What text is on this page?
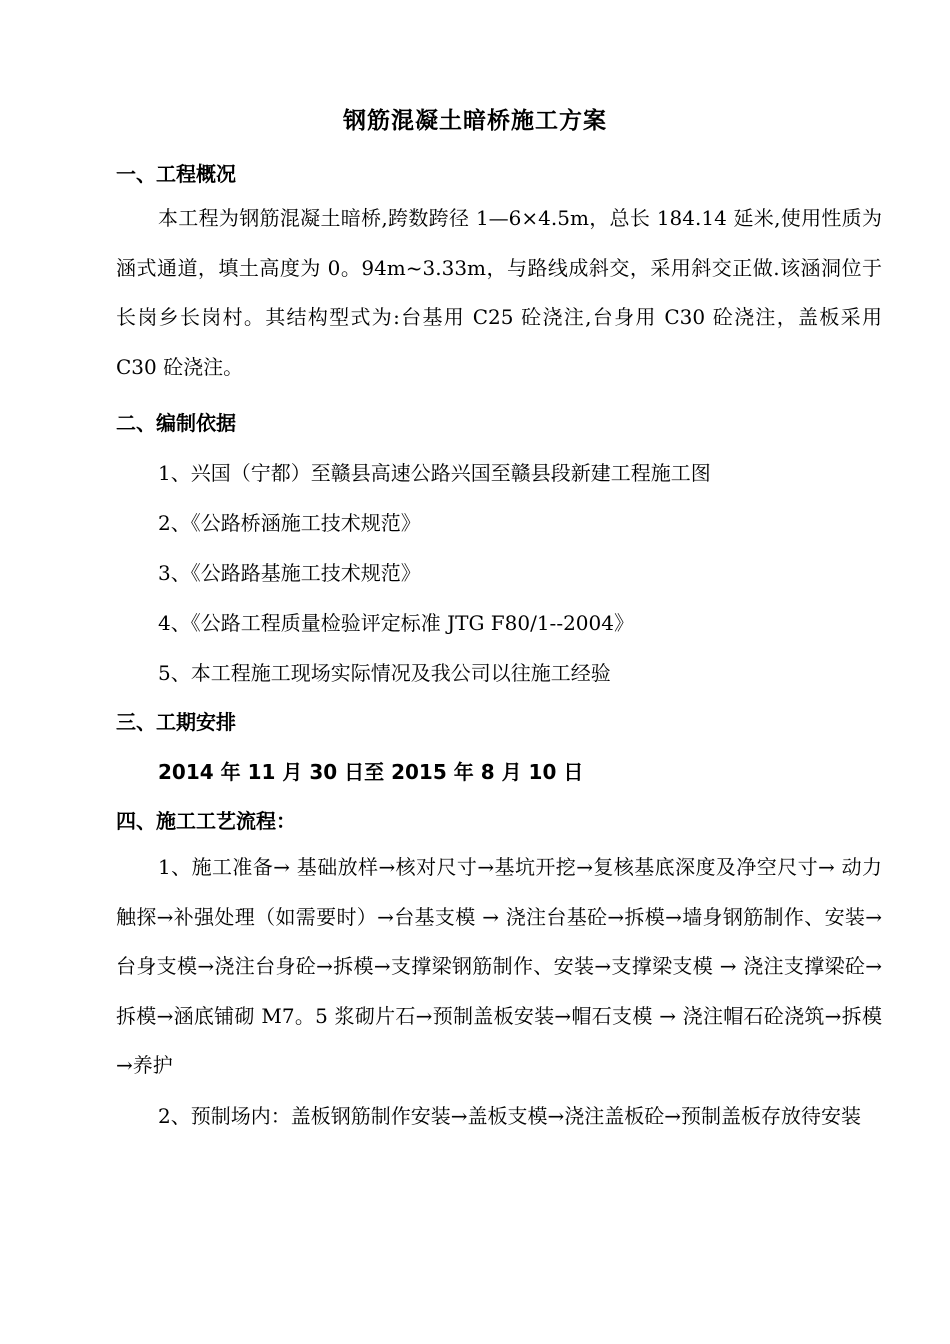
钢筋混凝土暗桥施工方案
一、工程概况
本工程为钢筋混凝土暗桥,跨数跨径 1—6×4.5m，总长 184.14 延米,使用性质为涵式通道，填土高度为 0。94m~3.33m，与路线成斜交，采用斜交正做.该涵洞位于长岗乡长岗村。其结构型式为:台基用 C25 砼浇注,台身用 C30 砼浇注，盖板采用 C30 砼浇注。
二、编制依据
1、兴国（宁都）至赣县高速公路兴国至赣县段新建工程施工图
2、《公路桥涵施工技术规范》
3、《公路路基施工技术规范》
4、《公路工程质量检验评定标准 JTG F80/1--2004》
5、本工程施工现场实际情况及我公司以往施工经验
三、工期安排
2014 年 11 月 30 日至 2015 年 8 月 10 日
四、施工工艺流程：
1、施工准备→ 基础放样→核对尺寸→基坑开挖→复核基底深度及净空尺寸→ 动力触探→补强处理（如需要时）→台基支模 → 浇注台基砼→拆模→墙身钢筋制作、安装→台身支模→浇注台身砼→拆模→支撑梁钢筋制作、安装→支撑梁支模 → 浇注支撑梁砼→拆模→涵底铺砌 M7。5 浆砌片石→预制盖板安装→帽石支模 → 浇注帽石砼浇筑→拆模→养护
2、预制场内：盖板钢筋制作安装→盖板支模→浇注盖板砼→预制盖板存放待安装
